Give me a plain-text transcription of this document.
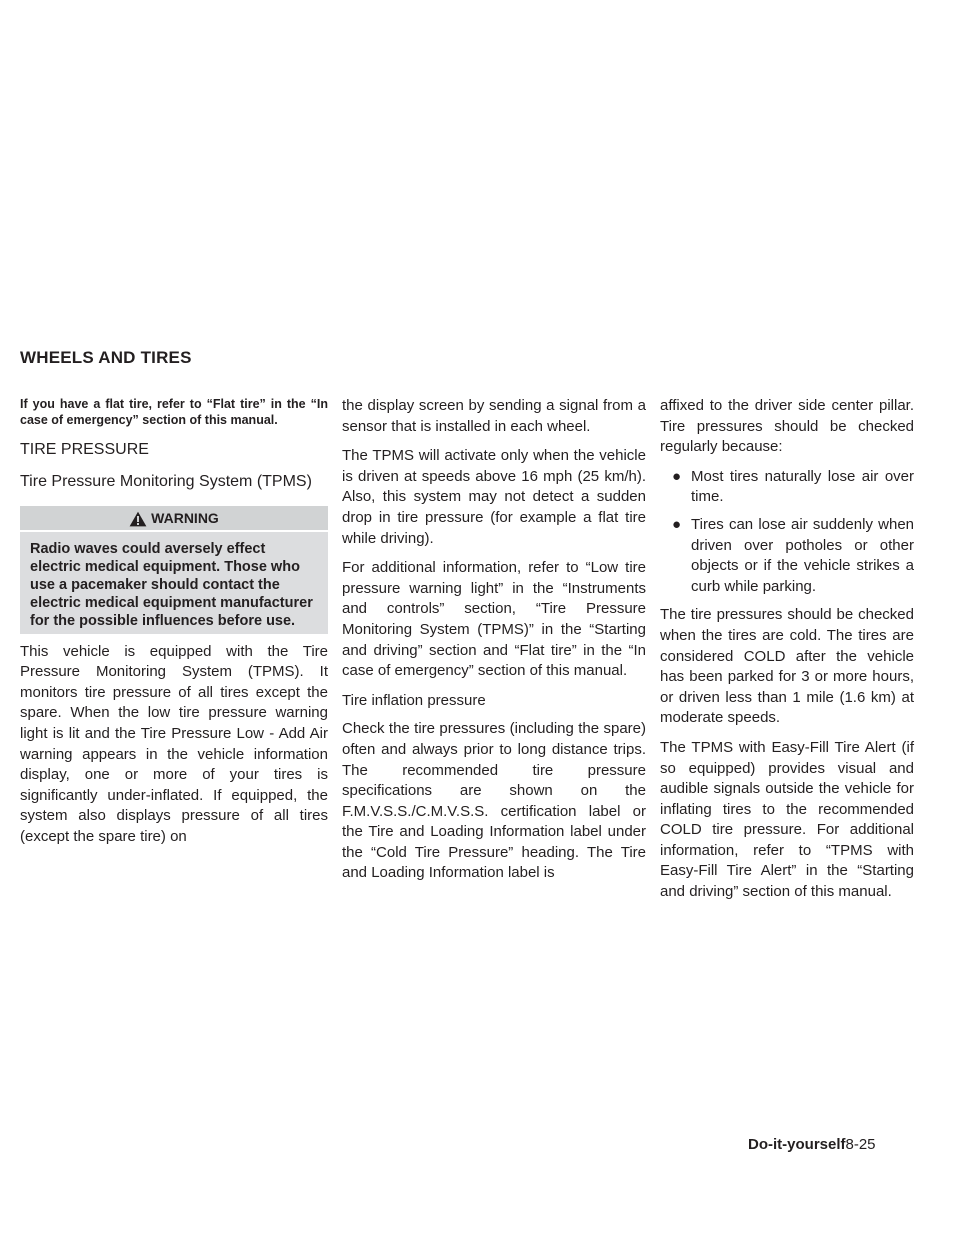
WHEELS AND TIRES

If you have a flat tire, refer to “Flat tire” in the “In case of emergency” section of this manual.

TIRE PRESSURE
Tire Pressure Monitoring System (TPMS)
WARNING
Radio waves could aversely effect electric medical equipment. Those who use a pacemaker should contact the electric medical equipment manufacturer for the possible influences before use.

This vehicle is equipped with the Tire Pressure Monitoring System (TPMS). It monitors tire pressure of all tires except the spare. When the low tire pressure warning light is lit and the Tire Pressure Low - Add Air warning appears in the vehicle information display, one or more of your tires is significantly under-inflated. If equipped, the system also displays pressure of all tires (except the spare tire) on

the display screen by sending a signal from a sensor that is installed in each wheel.

The TPMS will activate only when the vehicle is driven at speeds above 16 mph (25 km/h). Also, this system may not detect a sudden drop in tire pressure (for example a flat tire while driving).

For additional information, refer to “Low tire pressure warning light” in the “Instruments and controls” section, “Tire Pressure Monitoring System (TPMS)” in the “Starting and driving” section and “Flat tire” in the “In case of emergency” section of this manual.

Tire inflation pressure

Check the tire pressures (including the spare) often and always prior to long distance trips. The recommended tire pressure specifications are shown on the F.M.V.S.S./C.M.V.S.S. certification label or the Tire and Loading Information label under the “Cold Tire Pressure” heading. The Tire and Loading Information label is

affixed to the driver side center pillar. Tire pressures should be checked regularly because:

● Most tires naturally lose air over time.
● Tires can lose air suddenly when driven over potholes or other objects or if the vehicle strikes a curb while parking.

The tire pressures should be checked when the tires are cold. The tires are considered COLD after the vehicle has been parked for 3 or more hours, or driven less than 1 mile (1.6 km) at moderate speeds.

The TPMS with Easy-Fill Tire Alert (if so equipped) provides visual and audible signals outside the vehicle for inflating tires to the recommended COLD tire pressure. For additional information, refer to “TPMS with Easy-Fill Tire Alert” in the “Starting and driving” section of this manual.

Do-it-yourself8-25
